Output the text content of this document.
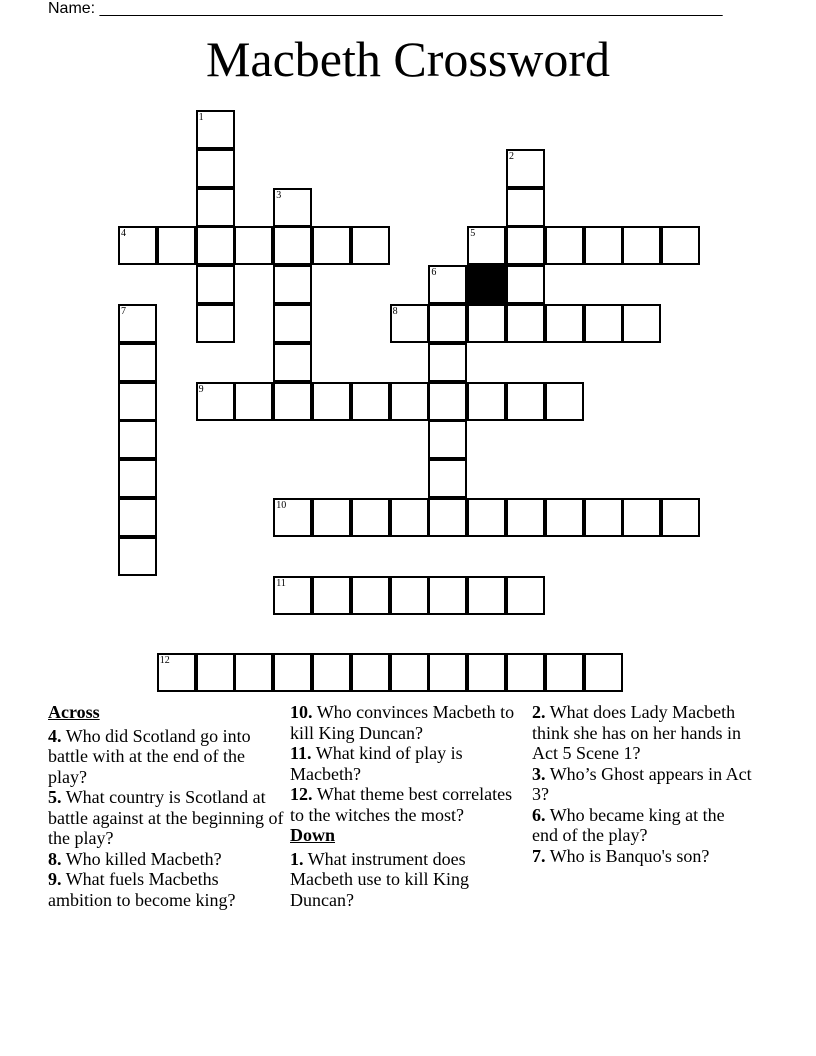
Name: ______________________________________________________________________
Macbeth Crossword
1
2
3
4	5
6
7	8
9
10
11
12
Across
4. Who did Scotland go into battle with at the end of the play?
5. What country is Scotland at battle against at the beginning of the play?
8. Who killed Macbeth?
9. What fuels Macbeths ambition to become king?
10. Who convinces Macbeth to kill King Duncan?
11. What kind of play is Macbeth?
12. What theme best correlates to the witches the most?
Down
1. What instrument does Macbeth use to kill King Duncan?
2. What does Lady Macbeth think she has on her hands in Act 5 Scene 1?
3. Who’s Ghost appears in Act 3?
6. Who became king at the end of the play?
7. Who is Banquo's son?
